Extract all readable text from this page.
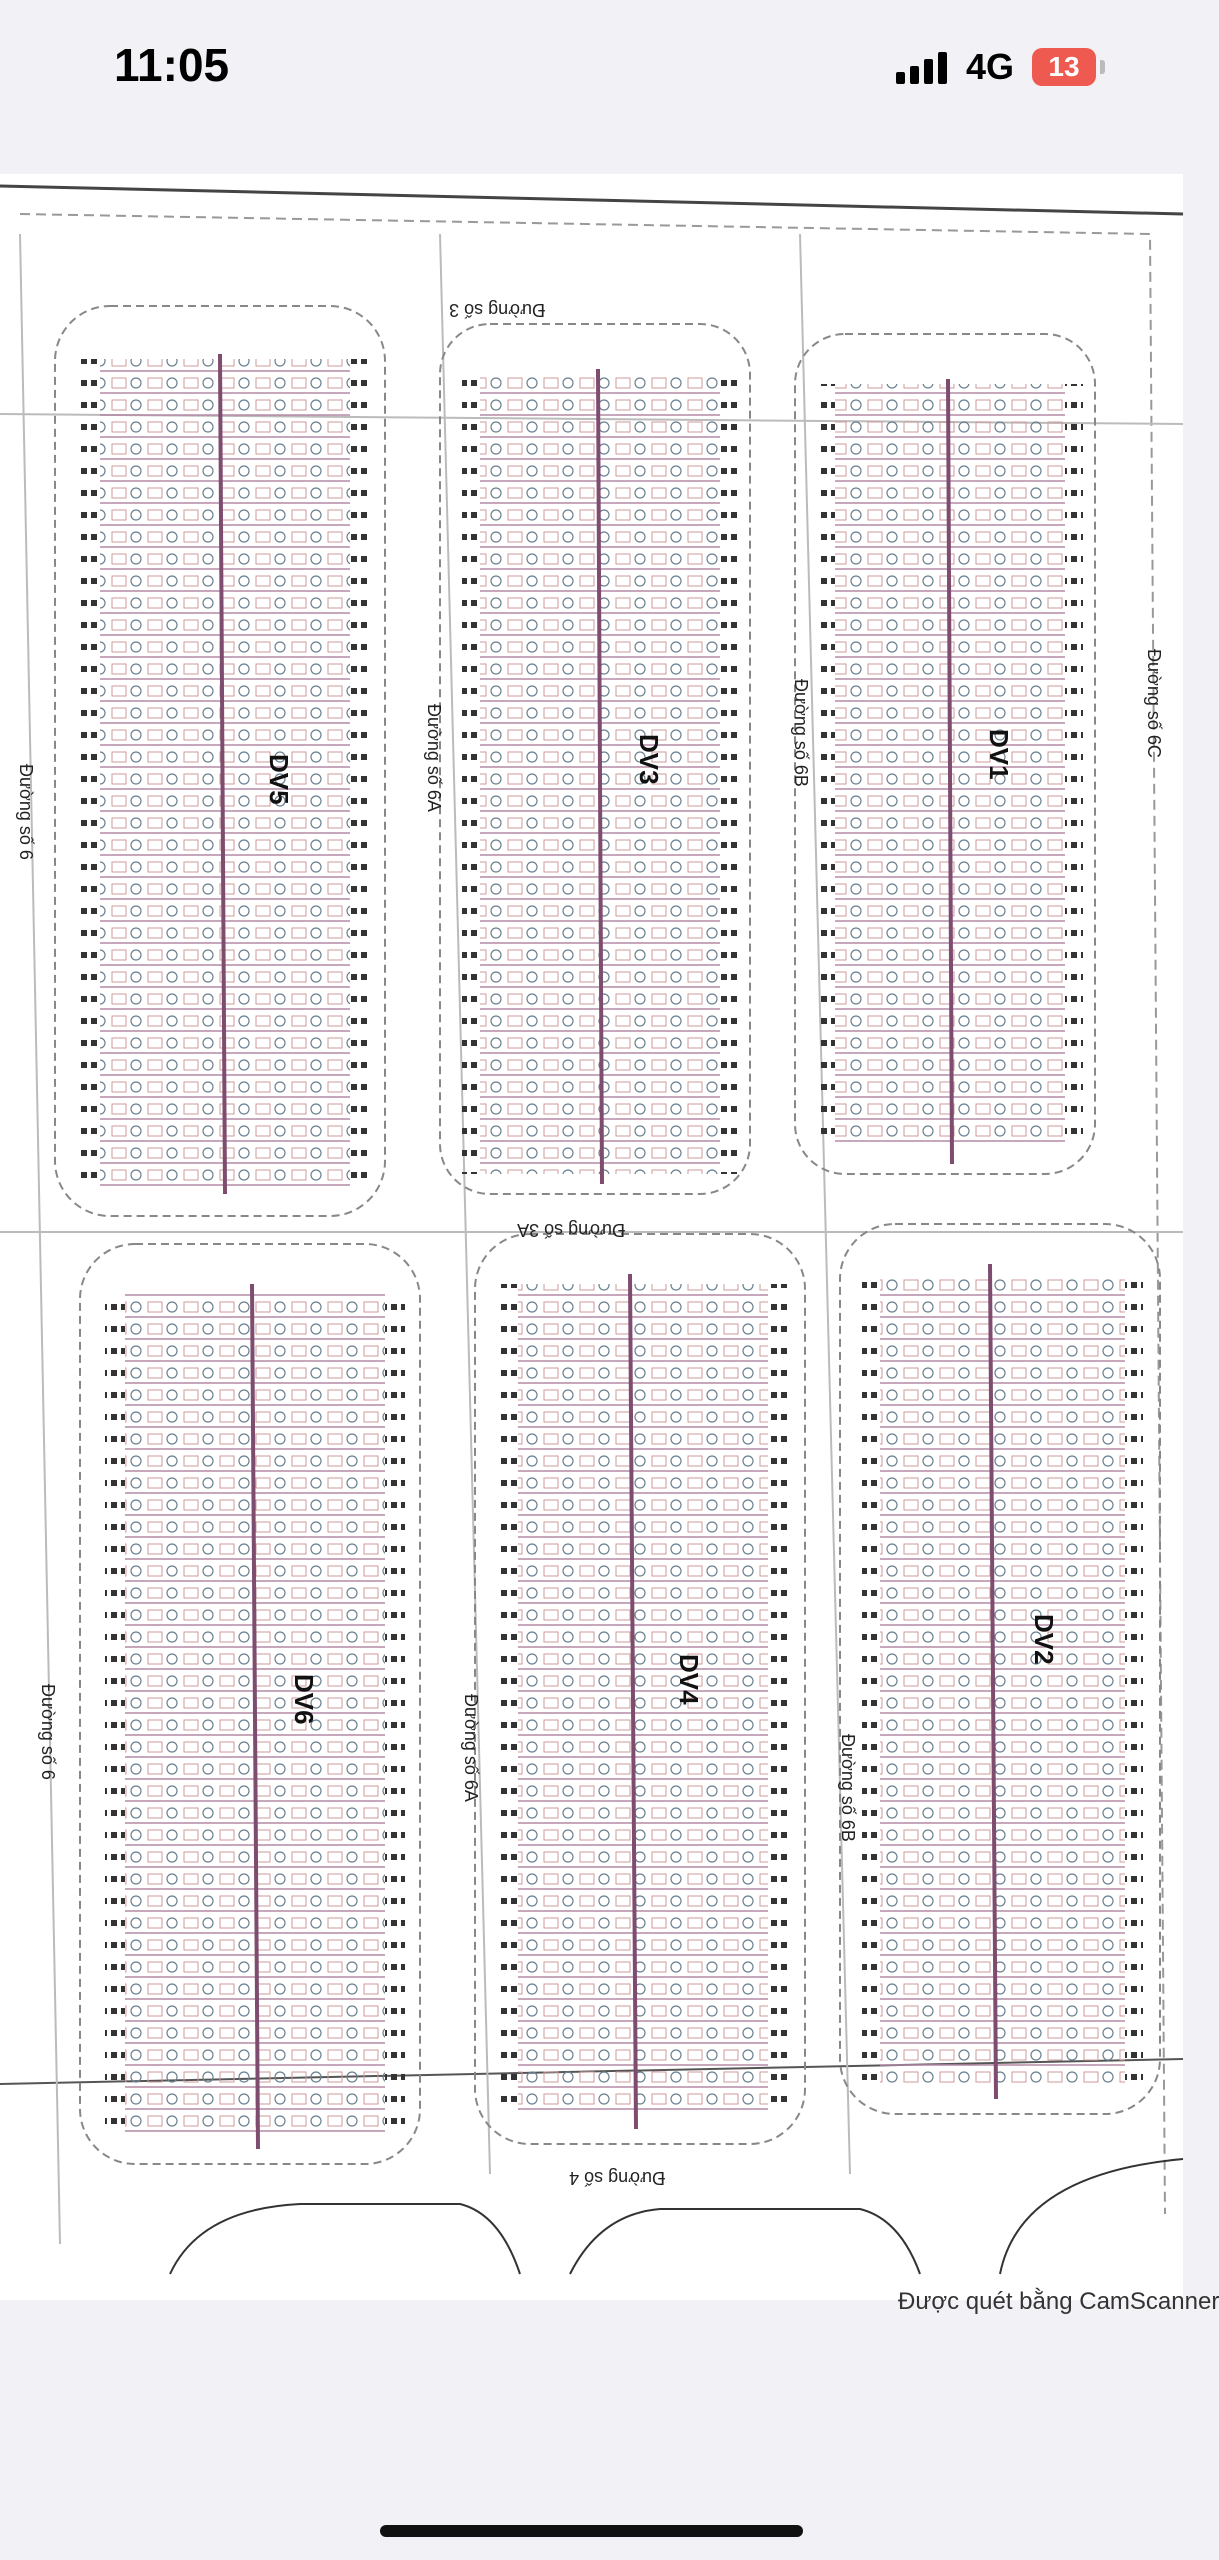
11:05	4G 13
DV5	DV3	DV1
DV6	DV4
DV2
Đường số 3
Đường số 3A
Đường số 4
Đường số 6
Đường số 6
Đường số 6A
Đường số 6A
Đường số 6B
Đường số 6B
Đường số 6C
Được quét bằng CamScanner
